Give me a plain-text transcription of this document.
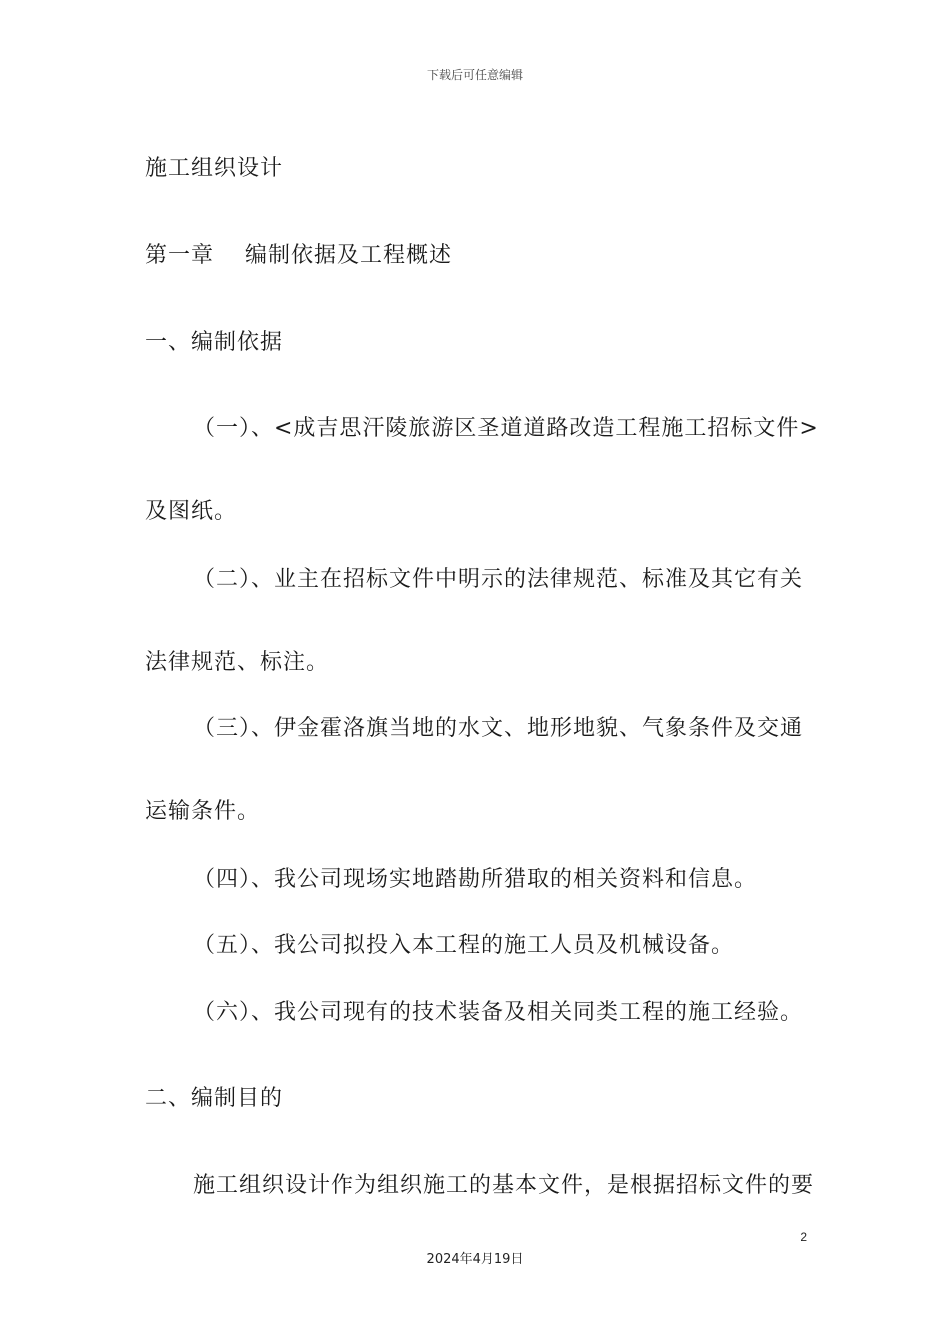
下载后可任意编辑
施工组织设计
第一章　 编制依据及工程概述
一、编制依据
（一）、<成吉思汗陵旅游区圣道道路改造工程施工招标文件>
及图纸。
（二）、业主在招标文件中明示的法律规范、标准及其它有关
法律规范、标注。
（三）、伊金霍洛旗当地的水文、地形地貌、气象条件及交通
运输条件。
（四）、我公司现场实地踏勘所猎取的相关资料和信息。
（五）、我公司拟投入本工程的施工人员及机械设备。
（六）、我公司现有的技术装备及相关同类工程的施工经验。
二、编制目的
施工组织设计作为组织施工的基本文件，是根据招标文件的要
2
2024年4月19日
